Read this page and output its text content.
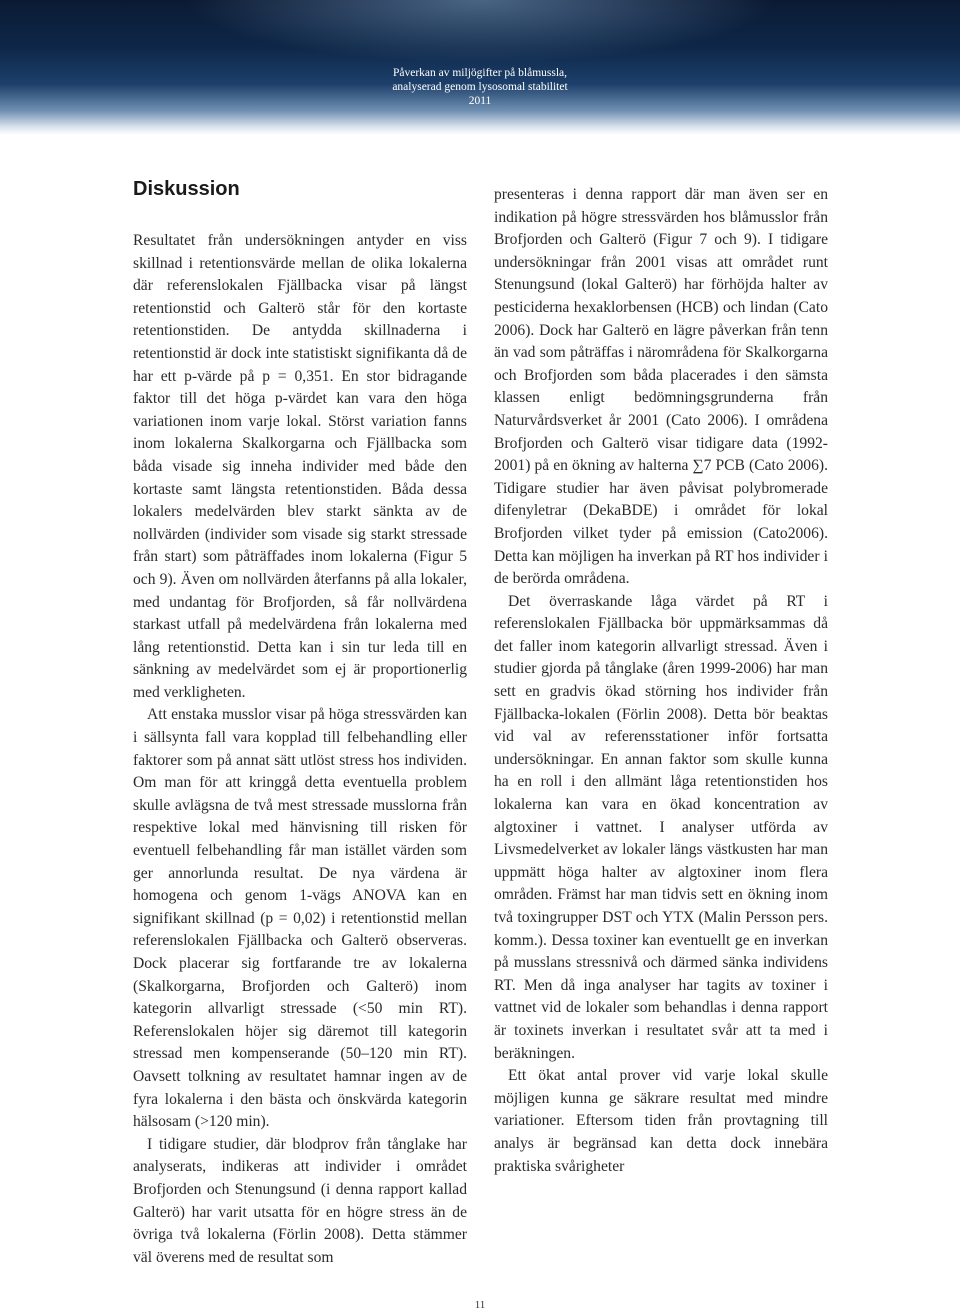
Påverkan av miljögifter på blåmussla,
analyserad genom lysosomal stabilitet
2011
Diskussion

Resultatet från undersökningen antyder en viss skillnad i retentionsvärde mellan de olika lokalerna där referenslokalen Fjällbacka visar på längst retentionstid och Galterö står för den kortaste retentionstiden. De antydda skillnaderna i retentionstid är dock inte statistiskt signifikanta då de har ett p-värde på p = 0,351. En stor bidragande faktor till det höga p-värdet kan vara den höga variationen inom varje lokal. Störst variation fanns inom lokalerna Skalkorgarna och Fjällbacka som båda visade sig inneha individer med både den kortaste samt längsta retentionstiden. Båda dessa lokalers medelvärden blev starkt sänkta av de nollvärden (individer som visade sig starkt stressade från start) som påträffades inom lokalerna (Figur 5 och 9). Även om nollvärden återfanns på alla lokaler, med undantag för Brofjorden, så får nollvärdena starkast utfall på medelvärdena från lokalerna med lång retentionstid. Detta kan i sin tur leda till en sänkning av medelvärdet som ej är proportionerlig med verkligheten.

Att enstaka musslor visar på höga stressvärden kan i sällsynta fall vara kopplad till felbehandling eller faktorer som på annat sätt utlöst stress hos individen. Om man för att kringgå detta eventuella problem skulle avlägsna de två mest stressade musslorna från respektive lokal med hänvisning till risken för eventuell felbehandling får man istället värden som ger annorlunda resultat. De nya värdena är homogena och genom 1-vägs ANOVA kan en signifikant skillnad (p = 0,02) i retentionstid mellan referenslokalen Fjällbacka och Galterö observeras. Dock placerar sig fortfarande tre av lokalerna (Skalkorgarna, Brofjorden och Galterö) inom kategorin allvarligt stressade (<50 min RT). Referenslokalen höjer sig däremot till kategorin stressad men kompenserande (50–120 min RT). Oavsett tolkning av resultatet hamnar ingen av de fyra lokalerna i den bästa och önskvärda kategorin hälsosam (>120 min).

I tidigare studier, där blodprov från tånglake har analyserats, indikeras att individer i området Brofjorden och Stenungsund (i denna rapport kallad Galterö) har varit utsatta för en högre stress än de övriga två lokalerna (Förlin 2008). Detta stämmer väl överens med de resultat som

presenteras i denna rapport där man även ser en indikation på högre stressvärden hos blåmusslor från Brofjorden och Galterö (Figur 7 och 9). I tidigare undersökningar från 2001 visas att området runt Stenungsund (lokal Galterö) har förhöjda halter av pesticiderna hexaklorbensen (HCB) och lindan (Cato 2006). Dock har Galterö en lägre påverkan från tenn än vad som påträffas i närområdena för Skalkorgarna och Brofjorden som båda placerades i den sämsta klassen enligt bedömningsgrunderna från Naturvårdsverket år 2001 (Cato 2006). I områdena Brofjorden och Galterö visar tidigare data (1992-2001) på en ökning av halterna ∑7 PCB (Cato 2006). Tidigare studier har även påvisat polybromerade difenyletrar (DekaBDE) i området för lokal Brofjorden vilket tyder på emission (Cato2006). Detta kan möjligen ha inverkan på RT hos individer i de berörda områdena.

Det överraskande låga värdet på RT i referenslokalen Fjällbacka bör uppmärksammas då det faller inom kategorin allvarligt stressad. Även i studier gjorda på tånglake (åren 1999-2006) har man sett en gradvis ökad störning hos individer från Fjällbacka-lokalen (Förlin 2008). Detta bör beaktas vid val av referensstationer inför fortsatta undersökningar. En annan faktor som skulle kunna ha en roll i den allmänt låga retentionstiden hos lokalerna kan vara en ökad koncentration av algtoxiner i vattnet. I analyser utförda av Livsmedelverket av lokaler längs västkusten har man uppmätt höga halter av algtoxiner inom flera områden. Främst har man tidvis sett en ökning inom två toxingrupper DST och YTX (Malin Persson pers. komm.). Dessa toxiner kan eventuellt ge en inverkan på musslans stressnivå och därmed sänka individens RT. Men då inga analyser har tagits av toxiner i vattnet vid de lokaler som behandlas i denna rapport är toxinets inverkan i resultatet svår att ta med i beräkningen.

Ett ökat antal prover vid varje lokal skulle möjligen kunna ge säkrare resultat med mindre variationer. Eftersom tiden från provtagning till analys är begränsad kan detta dock innebära praktiska svårigheter

11
